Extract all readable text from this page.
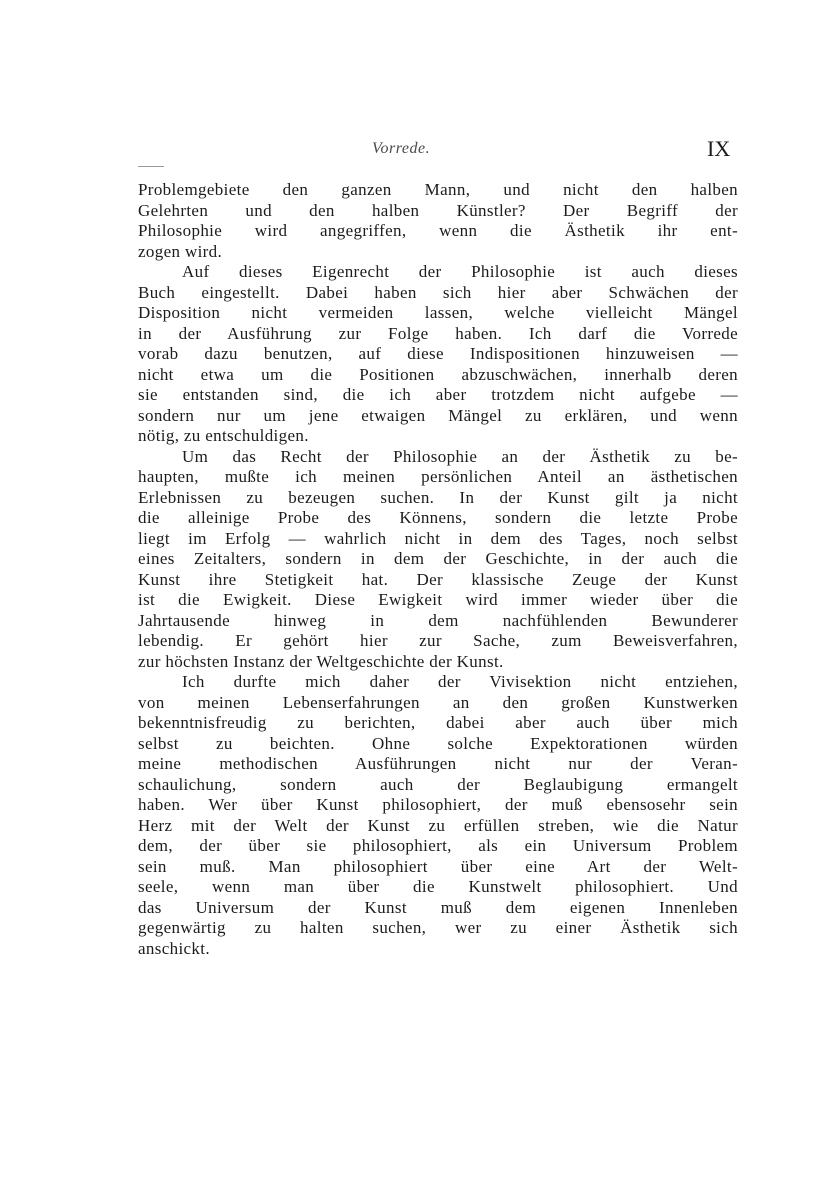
Vorrede.	IX
Problemgebiete den ganzen Mann, und nicht den halben
Gelehrten und den halben Künstler? Der Begriff der
Philosophie wird angegriffen, wenn die Ästhetik ihr ent-
zogen wird.
Auf dieses Eigenrecht der Philosophie ist auch dieses
Buch eingestellt. Dabei haben sich hier aber Schwächen der
Disposition nicht vermeiden lassen, welche vielleicht Mängel
in der Ausführung zur Folge haben. Ich darf die Vorrede
vorab dazu benutzen, auf diese Indispositionen hinzuweisen —
nicht etwa um die Positionen abzuschwächen, innerhalb deren
sie entstanden sind, die ich aber trotzdem nicht aufgebe —
sondern nur um jene etwaigen Mängel zu erklären, und wenn
nötig, zu entschuldigen.
Um das Recht der Philosophie an der Ästhetik zu be-
haupten, mußte ich meinen persönlichen Anteil an ästhetischen
Erlebnissen zu bezeugen suchen. In der Kunst gilt ja nicht
die alleinige Probe des Könnens, sondern die letzte Probe
liegt im Erfolg — wahrlich nicht in dem des Tages, noch selbst
eines Zeitalters, sondern in dem der Geschichte, in der auch die
Kunst ihre Stetigkeit hat. Der klassische Zeuge der Kunst
ist die Ewigkeit. Diese Ewigkeit wird immer wieder über die
Jahrtausende hinweg in dem nachfühlenden Bewunderer
lebendig. Er gehört hier zur Sache, zum Beweisverfahren,
zur höchsten Instanz der Weltgeschichte der Kunst.
Ich durfte mich daher der Vivisektion nicht entziehen,
von meinen Lebenserfahrungen an den großen Kunstwerken
bekenntnisfreudig zu berichten, dabei aber auch über mich
selbst zu beichten. Ohne solche Expektorationen würden
meine methodischen Ausführungen nicht nur der Veran-
schaulichung, sondern auch der Beglaubigung ermangelt
haben. Wer über Kunst philosophiert, der muß ebensosehr sein
Herz mit der Welt der Kunst zu erfüllen streben, wie die Natur
dem, der über sie philosophiert, als ein Universum Problem
sein muß. Man philosophiert über eine Art der Welt-
seele, wenn man über die Kunstwelt philosophiert. Und
das Universum der Kunst muß dem eigenen Innenleben
gegenwärtig zu halten suchen, wer zu einer Ästhetik sich
anschickt.
